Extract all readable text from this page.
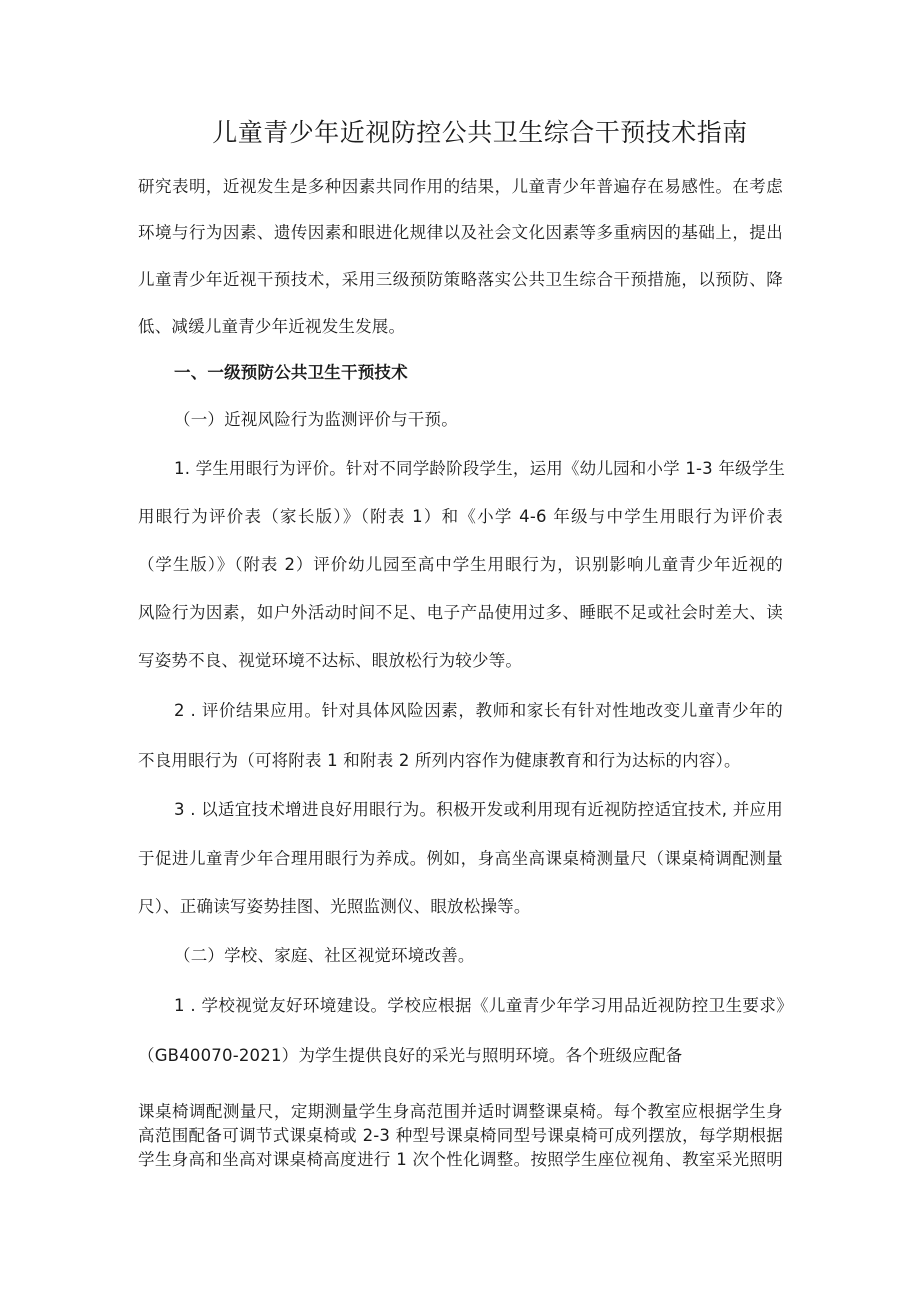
儿童青少年近视防控公共卫生综合干预技术指南
研究表明，近视发生是多种因素共同作用的结果，儿童青少年普遍存在易感性。在考虑
环境与行为因素、遗传因素和眼进化规律以及社会文化因素等多重病因的基础上，提出
儿童青少年近视干预技术，采用三级预防策略落实公共卫生综合干预措施，以预防、降
低、减缓儿童青少年近视发生发展。
一、一级预防公共卫生干预技术
（一）近视风险行为监测评价与干预。
1. 学生用眼行为评价。针对不同学龄阶段学生，运用《幼儿园和小学 1-3 年级学生
用眼行为评价表（家长版）》（附表 1）和《小学 4-6 年级与中学生用眼行为评价表
（学生版）》（附表 2）评价幼儿园至高中学生用眼行为，识别影响儿童青少年近视的
风险行为因素，如户外活动时间不足、电子产品使用过多、睡眠不足或社会时差大、读
写姿势不良、视觉环境不达标、眼放松行为较少等。
2 . 评价结果应用。针对具体风险因素，教师和家长有针对性地改变儿童青少年的
不良用眼行为（可将附表 1 和附表 2 所列内容作为健康教育和行为达标的内容）。
3 . 以适宜技术增进良好用眼行为。积极开发或利用现有近视防控适宜技术, 并应用
于促进儿童青少年合理用眼行为养成。例如，身高坐高课桌椅测量尺（课桌椅调配测量
尺）、正确读写姿势挂图、光照监测仪、眼放松操等。
（二）学校、家庭、社区视觉环境改善。
1 . 学校视觉友好环境建设。学校应根据《儿童青少年学习用品近视防控卫生要求》
（GB40070-2021）为学生提供良好的采光与照明环境。各个班级应配备
课桌椅调配测量尺，定期测量学生身高范围并适时调整课桌椅。每个教室应根据学生身
高范围配备可调节式课桌椅或 2-3 种型号课桌椅同型号课桌椅可成列摆放，每学期根据
学生身高和坐高对课桌椅高度进行 1 次个性化调整。按照学生座位视角、教室采光照明
